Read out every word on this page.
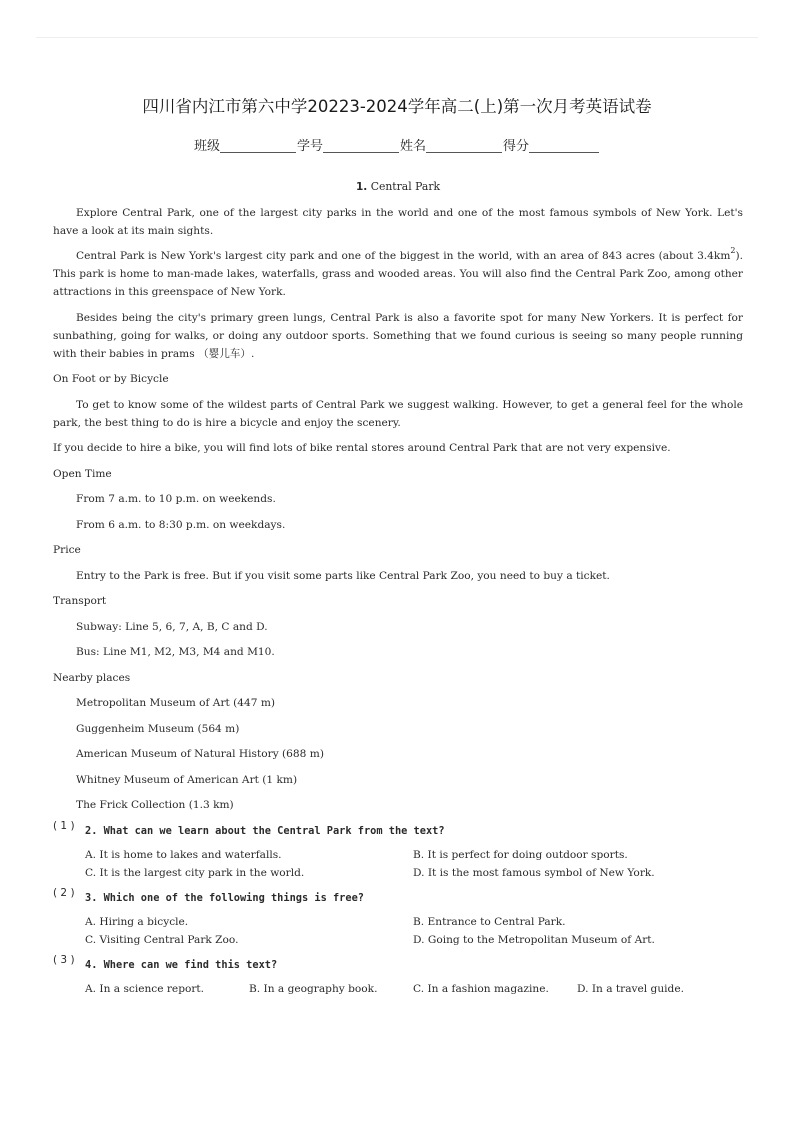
四川省内江市第六中学20223-2024学年高二(上)第一次月考英语试卷
班级	学号	姓名	得分

1. Central Park

Explore Central Park, one of the largest city parks in the world and one of the most famous symbols of New York. Let's have a look at its main sights.

Central Park is New York's largest city park and one of the biggest in the world, with an area of 843 acres (about $3.4km^2$). This park is home to man-made lakes, waterfalls, grass and wooded areas. You will also find the Central Park Zoo, among other attractions in this greenspace of New York.

Besides being the city's primary green lungs, Central Park is also a favorite spot for many New Yorkers. It is perfect for sunbathing, going for walks, or doing any outdoor sports. Something that we found curious is seeing so many people running with their babies in prams （婴儿车）.

On Foot or by Bicycle

To get to know some of the wildest parts of Central Park we suggest walking. However, to get a general feel for the whole park, the best thing to do is hire a bicycle and enjoy the scenery.

If you decide to hire a bike, you will find lots of bike rental stores around Central Park that are not very expensive.

Open Time

From 7 a.m. to 10 p.m. on weekends.

From 6 a.m. to 8:30 p.m. on weekdays.

Price

Entry to the Park is free. But if you visit some parts like Central Park Zoo, you need to buy a ticket.

Transport

Subway: Line 5, 6, 7, A, B, C and D.

Bus: Line M1, M2, M3, M4 and M10.

Nearby places

Metropolitan Museum of Art (447 m)

Guggenheim Museum (564 m)

American Museum of Natural History (688 m)

Whitney Museum of American Art (1 km)

The Frick Collection (1.3 km)

( 1 )	2. What can we learn about the Central Park from the text?
A. It is home to lakes and waterfalls.	B. It is perfect for doing outdoor sports.
C. It is the largest city park in the world.	D. It is the most famous symbol of New York.
( 2 )	3. Which one of the following things is free?
A. Hiring a bicycle.	B. Entrance to Central Park.
C. Visiting Central Park Zoo.	D. Going to the Metropolitan Museum of Art.
( 3 )	4. Where can we find this text?
A. In a science report.	B. In a geography book.	C. In a fashion magazine.	D. In a travel guide.
